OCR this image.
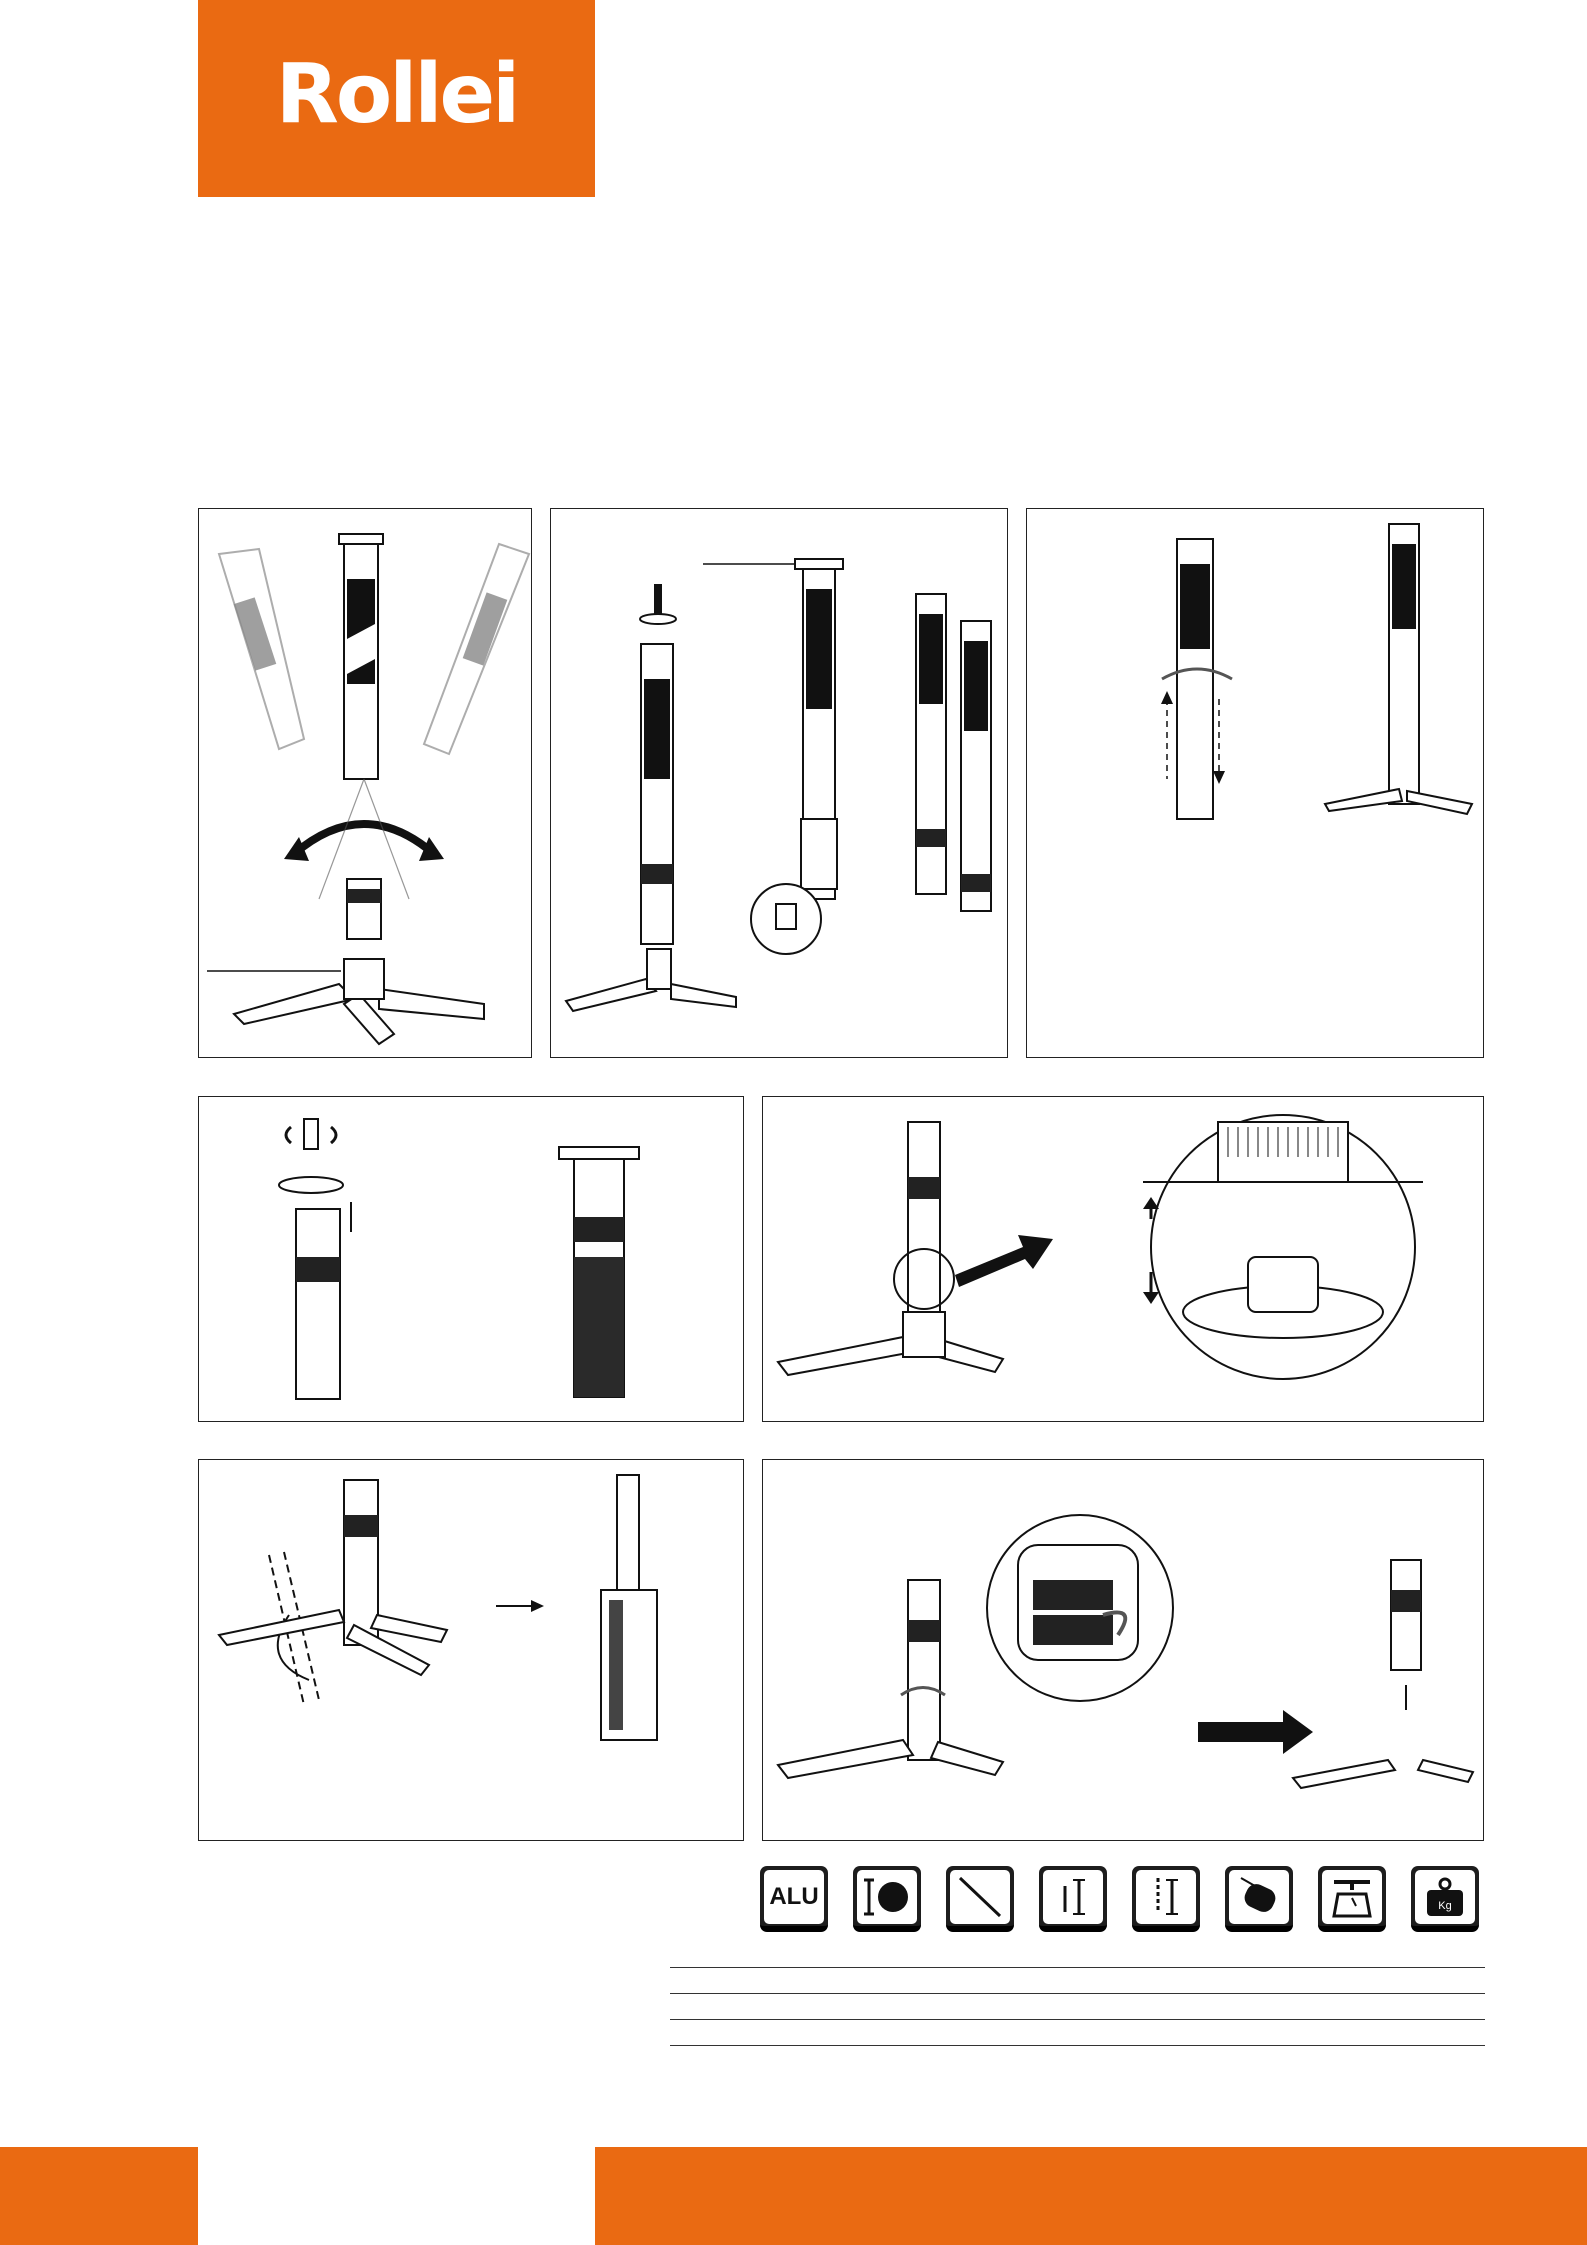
Rollei
ALU	Kg
